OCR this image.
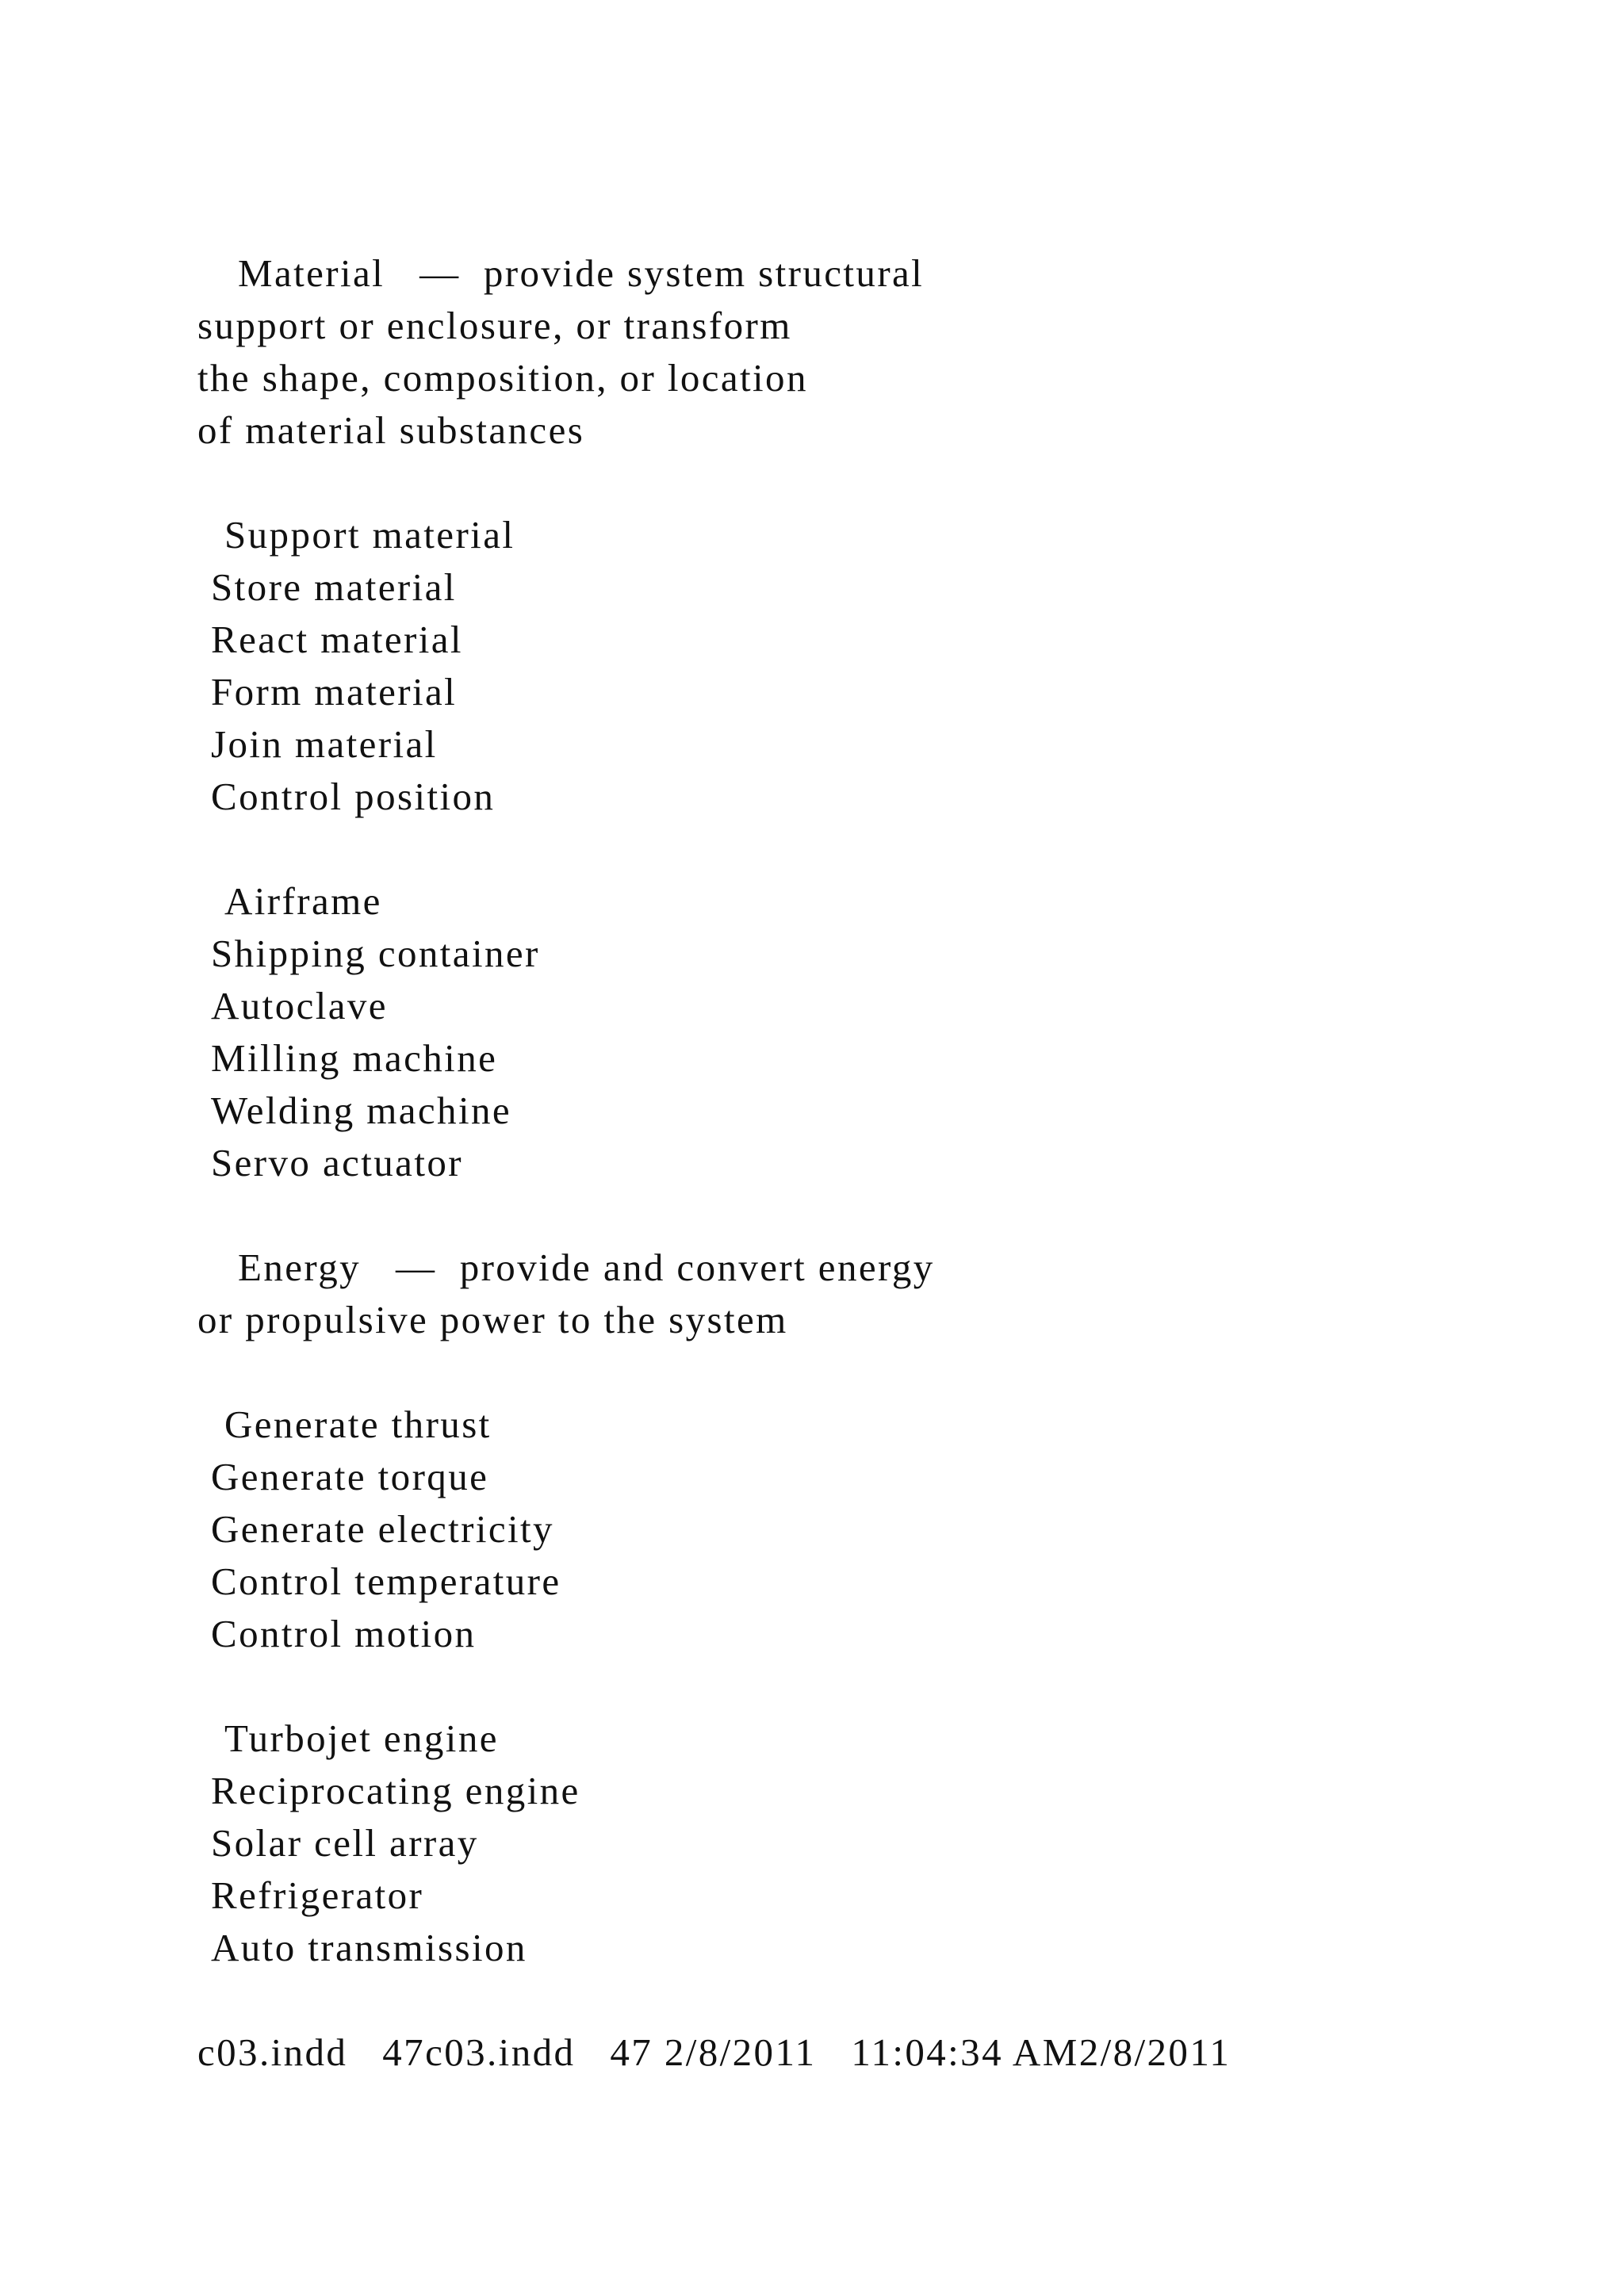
Material — provide system structural
support or enclosure, or transform
the shape, composition, or location
of material substances
Support material
Store material
React material
Form material
Join material
Control position
Airframe
Shipping container
Autoclave
Milling machine
Welding machine
Servo actuator
Energy — provide and convert energy
or propulsive power to the system
Generate thrust
Generate torque
Generate electricity
Control temperature
Control motion
Turbojet engine
Reciprocating engine
Solar cell array
Refrigerator
Auto transmission
c03.indd 47c03.indd 47 2/8/2011 11:04:34 AM2/8/2011
